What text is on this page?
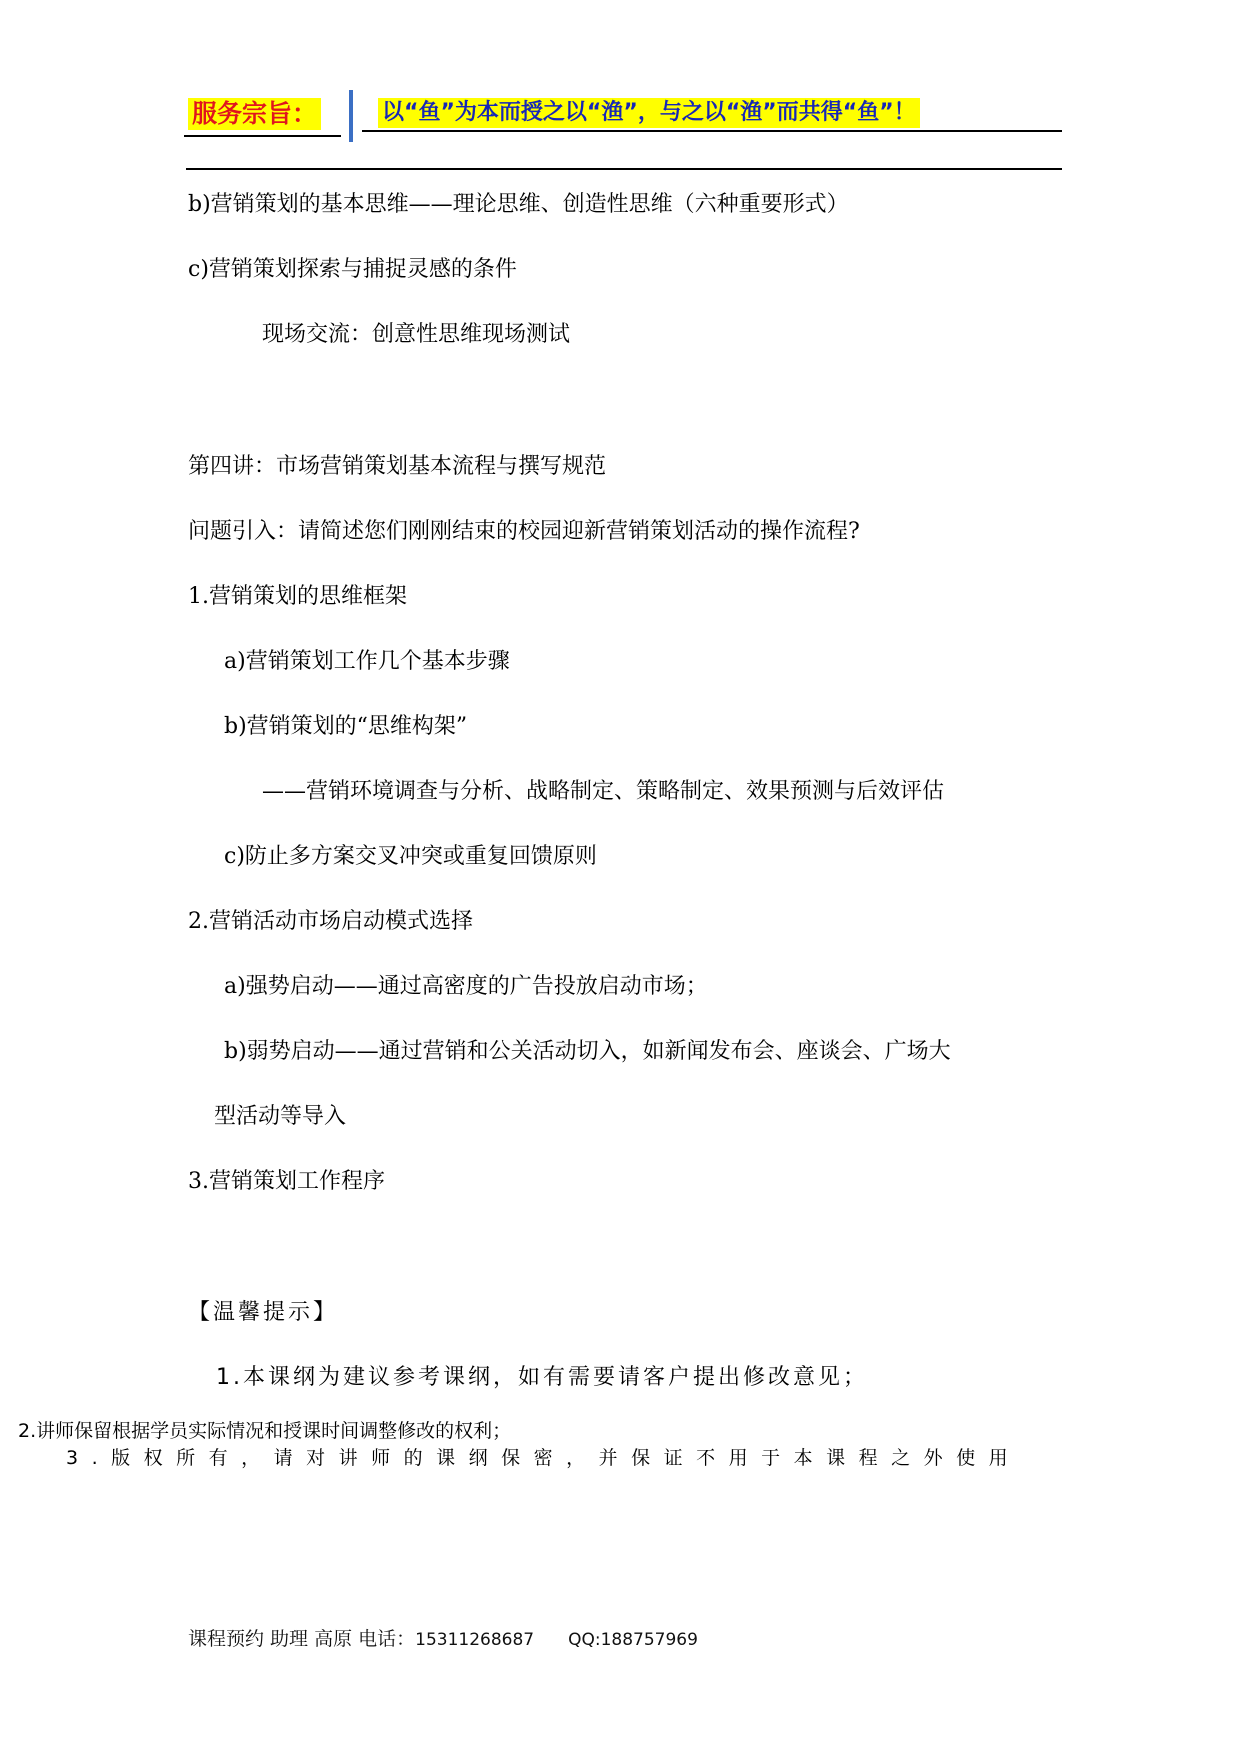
服务宗旨：	以“鱼”为本而授之以“渔”，与之以“渔”而共得“鱼”！
b)营销策划的基本思维——理论思维、创造性思维（六种重要形式）
c)营销策划探索与捕捉灵感的条件
现场交流：创意性思维现场测试
第四讲：市场营销策划基本流程与撰写规范
问题引入：请简述您们刚刚结束的校园迎新营销策划活动的操作流程?
1.营销策划的思维框架
a)营销策划工作几个基本步骤
b)营销策划的“思维构架”
——营销环境调查与分析、战略制定、策略制定、效果预测与后效评估
c)防止多方案交叉冲突或重复回馈原则
2.营销活动市场启动模式选择
a)强势启动——通过高密度的广告投放启动市场；
b)弱势启动——通过营销和公关活动切入，如新闻发布会、座谈会、广场大
型活动等导入
3.营销策划工作程序
【温馨提示】
1.本课纲为建议参考课纲，如有需要请客户提出修改意见；
2.讲师保留根据学员实际情况和授课时间调整修改的权利；
3.版权所有，请对讲师的课纲保密，并保证不用于本课程之外使用
课程预约 助理 高原 电话：15311268687 QQ:188757969
